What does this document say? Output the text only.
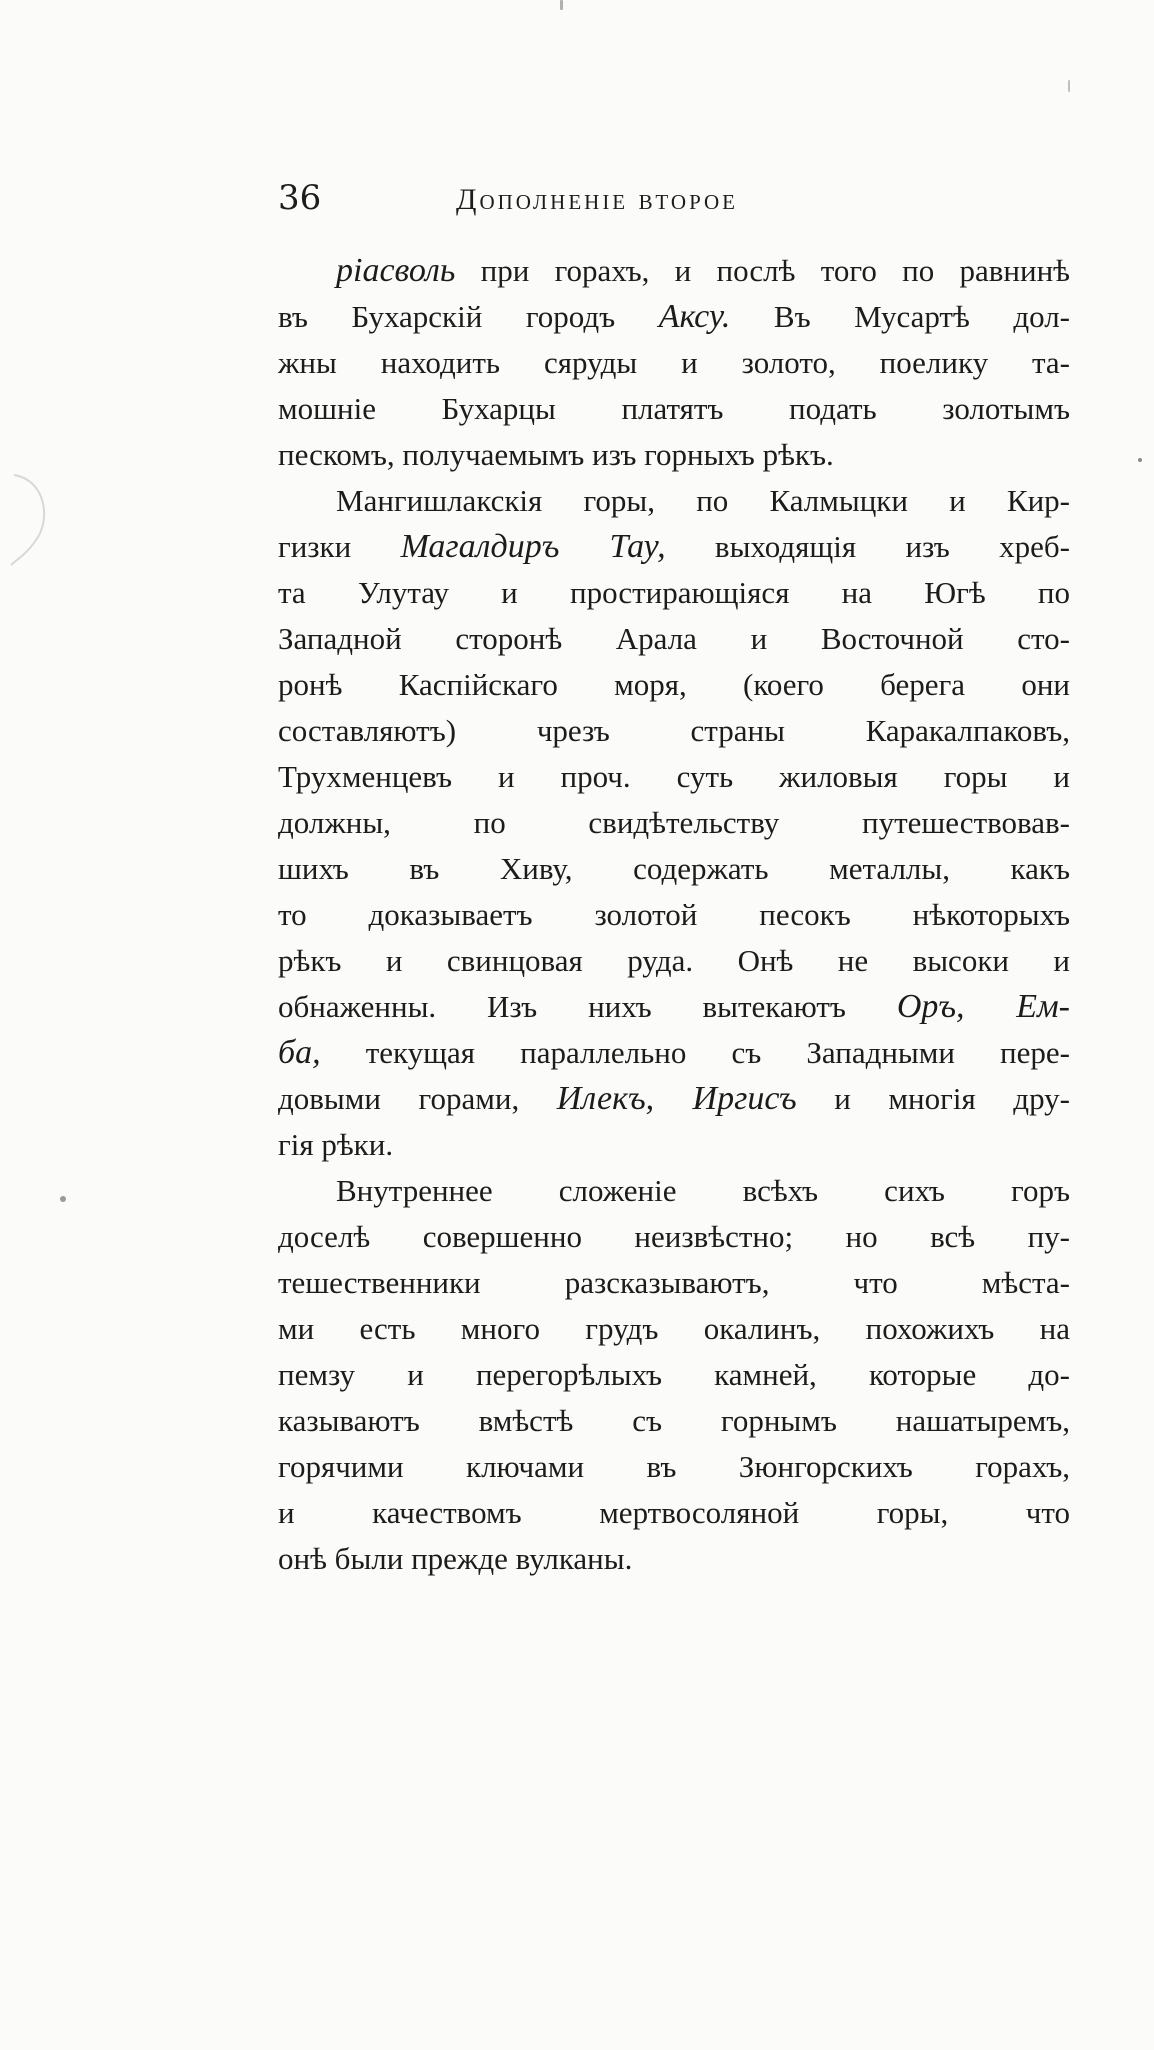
36	Дополненіе второе
ріасволь при горахъ, и послѣ того по равнинѣ
въ Бухарскій городъ Аксу. Въ Мусартѣ дол-
жны находить сяруды и золото, поелику та-
мошніе Бухарцы платятъ подать золотымъ
пескомъ, получаемымъ изъ горныхъ рѣкъ.
Мангишлакскія горы, по Калмыцки и Кир-
гизки Магалдиръ Тау, выходящія изъ хреб-
та Улутау и простирающіяся на Югѣ по
Западной сторонѣ Арала и Восточной сто-
ронѣ Каспійскаго моря, (коего берега они
составляютъ) чрезъ страны Каракалпаковъ,
Трухменцевъ и проч. суть жиловыя горы и
должны, по свидѣтельству путешествовав-
шихъ въ Хиву, содержать металлы, какъ
то доказываетъ золотой песокъ нѣкоторыхъ
рѣкъ и свинцовая руда. Онѣ не высоки и
обнаженны. Изъ нихъ вытекаютъ Оръ, Ем-
ба, текущая параллельно съ Западными пере-
довыми горами, Илекъ, Иргисъ и многія дру-
гія рѣки.
Внутреннее сложеніе всѣхъ сихъ горъ
доселѣ совершенно неизвѣстно; но всѣ пу-
тешественники разсказываютъ, что мѣста-
ми есть много грудъ окалинъ, похожихъ на
пемзу и перегорѣлыхъ камней, которые до-
казываютъ вмѣстѣ съ горнымъ нашатыремъ,
горячими ключами въ Зюнгорскихъ горахъ,
и качествомъ мертвосоляной горы, что
онѣ были прежде вулканы.
